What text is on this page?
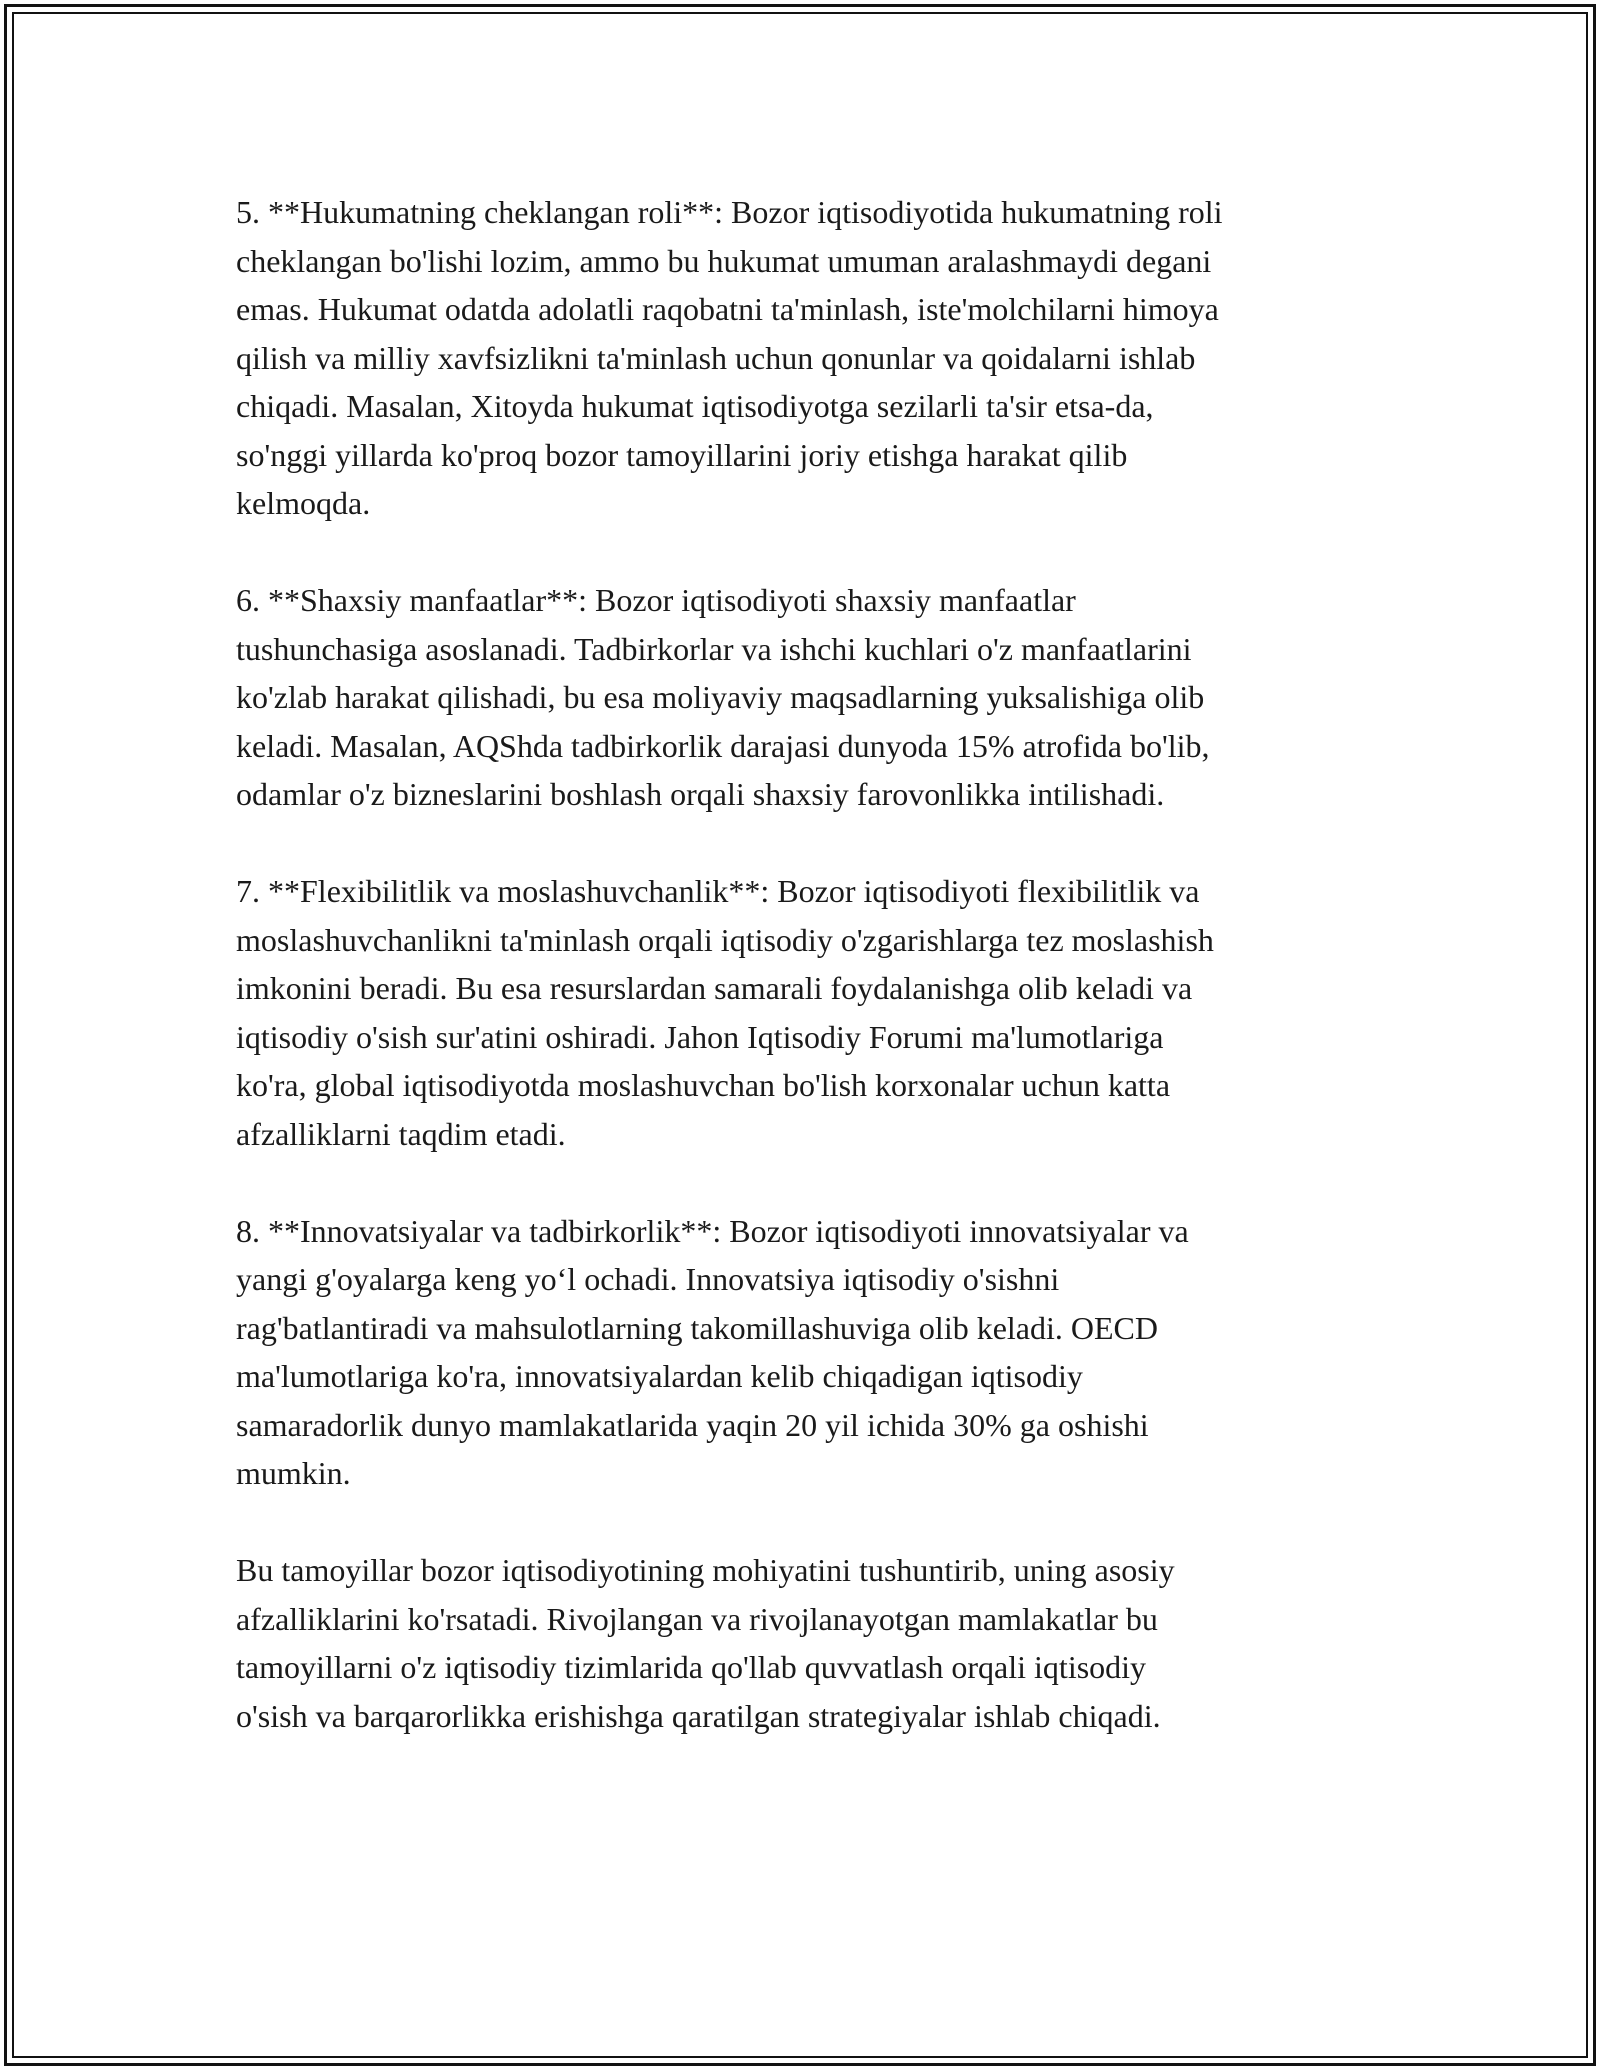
5. **Hukumatning cheklangan roli**: Bozor iqtisodiyotida hukumatning roli
cheklangan bo'lishi lozim, ammo bu hukumat umuman aralashmaydi degani
emas. Hukumat odatda adolatli raqobatni ta'minlash, iste'molchilarni himoya
qilish va milliy xavfsizlikni ta'minlash uchun qonunlar va qoidalarni ishlab
chiqadi. Masalan, Xitoyda hukumat iqtisodiyotga sezilarli ta'sir etsa-da,
so'nggi yillarda ko'proq bozor tamoyillarini joriy etishga harakat qilib
kelmoqda.

6. **Shaxsiy manfaatlar**: Bozor iqtisodiyoti shaxsiy manfaatlar
tushunchasiga asoslanadi. Tadbirkorlar va ishchi kuchlari o'z manfaatlarini
ko'zlab harakat qilishadi, bu esa moliyaviy maqsadlarning yuksalishiga olib
keladi. Masalan, AQShda tadbirkorlik darajasi dunyoda 15% atrofida bo'lib,
odamlar o'z bizneslarini boshlash orqali shaxsiy farovonlikka intilishadi.

7. **Flexibilitlik va moslashuvchanlik**: Bozor iqtisodiyoti flexibilitlik va
moslashuvchanlikni ta'minlash orqali iqtisodiy o'zgarishlarga tez moslashish
imkonini beradi. Bu esa resurslardan samarali foydalanishga olib keladi va
iqtisodiy o'sish sur'atini oshiradi. Jahon Iqtisodiy Forumi ma'lumotlariga
ko'ra, global iqtisodiyotda moslashuvchan bo'lish korxonalar uchun katta
afzalliklarni taqdim etadi.

8. **Innovatsiyalar va tadbirkorlik**: Bozor iqtisodiyoti innovatsiyalar va
yangi g'oyalarga keng yo‘l ochadi. Innovatsiya iqtisodiy o'sishni
rag'batlantiradi va mahsulotlarning takomillashuviga olib keladi. OECD
ma'lumotlariga ko'ra, innovatsiyalardan kelib chiqadigan iqtisodiy
samaradorlik dunyo mamlakatlarida yaqin 20 yil ichida 30% ga oshishi
mumkin.

Bu tamoyillar bozor iqtisodiyotining mohiyatini tushuntirib, uning asosiy
afzalliklarini ko'rsatadi. Rivojlangan va rivojlanayotgan mamlakatlar bu
tamoyillarni o'z iqtisodiy tizimlarida qo'llab quvvatlash orqali iqtisodiy
o'sish va barqarorlikka erishishga qaratilgan strategiyalar ishlab chiqadi.
